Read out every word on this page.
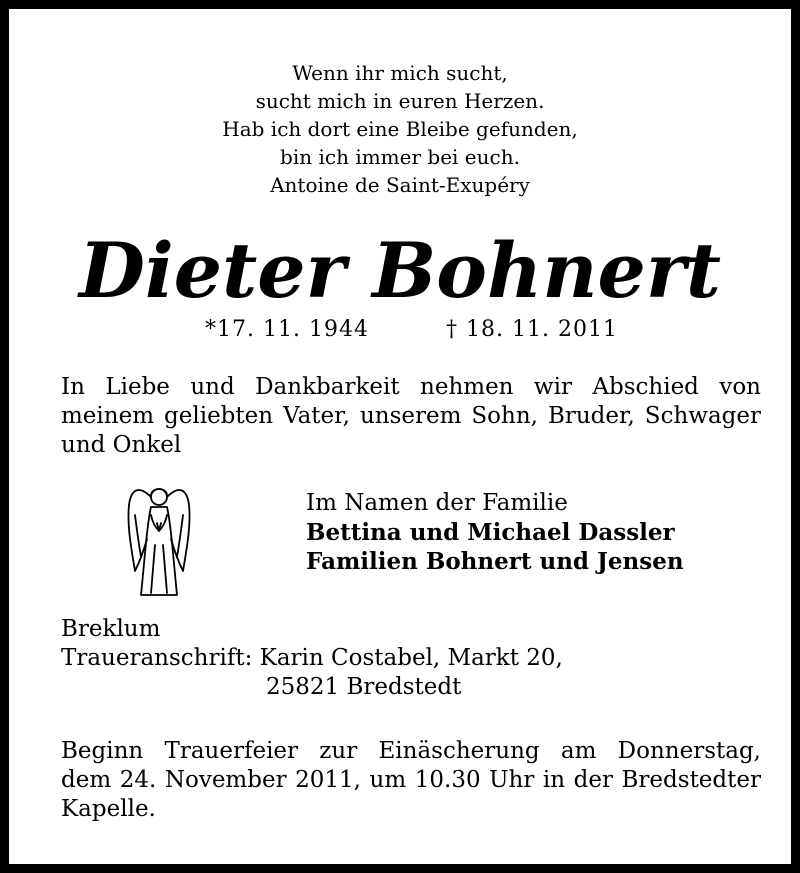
Wenn ihr mich sucht,
sucht mich in euren Herzen.
Hab ich dort eine Bleibe gefunden,
bin ich immer bei euch.
Antoine de Saint-Exupéry
Dieter Bohnert
*17. 11. 1944	† 18. 11. 2011
In Liebe und Dankbarkeit nehmen wir Abschied von
meinem geliebten Vater, unserem Sohn, Bruder, Schwager
und Onkel
Im Namen der Familie
Bettina und Michael Dassler
Familien Bohnert und Jensen
Breklum
Traueranschrift: Karin Costabel, Markt 20,
25821 Bredstedt
Beginn Trauerfeier zur Einäscherung am Donnerstag,
dem 24. November 2011, um 10.30 Uhr in der Bredstedter
Kapelle.
